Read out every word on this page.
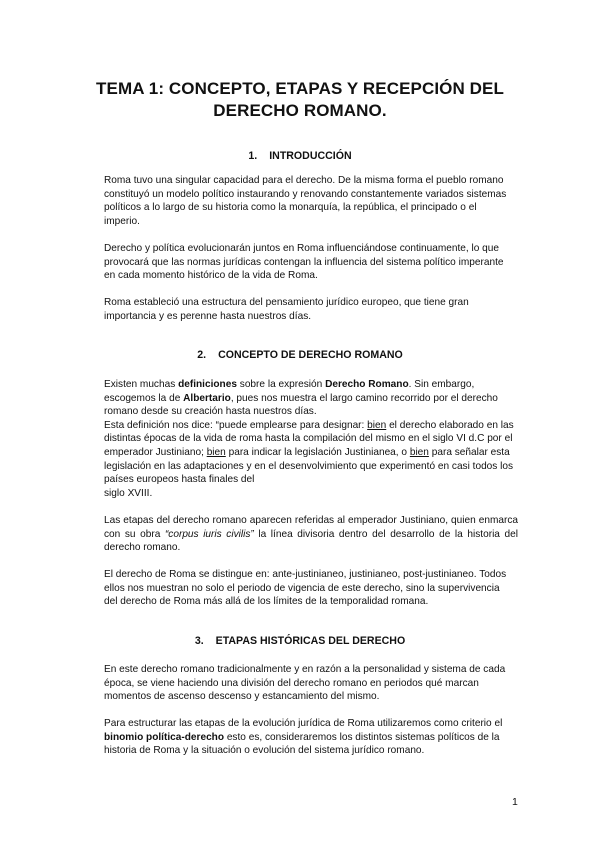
TEMA 1: CONCEPTO, ETAPAS Y RECEPCIÓN DEL
DERECHO ROMANO.
1. INTRODUCCIÓN
Roma tuvo una singular capacidad para el derecho. De la misma forma el pueblo romano
constituyó un modelo político instaurando y renovando constantemente variados sistemas
políticos a lo largo de su historia como la monarquía, la república, el principado o el
imperio.
Derecho y política evolucionarán juntos en Roma influenciándose continuamente, lo que
provocará que las normas jurídicas contengan la influencia del sistema político imperante
en cada momento histórico de la vida de Roma.
Roma estableció una estructura del pensamiento jurídico europeo, que tiene gran
importancia y es perenne hasta nuestros días.
2. CONCEPTO DE DERECHO ROMANO
Existen muchas definiciones sobre la expresión Derecho Romano. Sin embargo,
escogemos la de Albertario, pues nos muestra el largo camino recorrido por el derecho
romano desde su creación hasta nuestros días.
Esta definición nos dice: “puede emplearse para designar: bien el derecho elaborado en las
distintas épocas de la vida de roma hasta la compilación del mismo en el siglo VI d.C por el
emperador Justiniano; bien para indicar la legislación Justinianea, o bien para señalar esta
legislación en las adaptaciones y en el desenvolvimiento que experimentó en casi todos los
países europeos hasta finales del
siglo XVIII.
Las etapas del derecho romano aparecen referidas al emperador Justiniano, quien enmarca
con su obra “corpus iuris civilis” la línea divisoria dentro del desarrollo de la historia del
derecho romano.
El derecho de Roma se distingue en: ante-justinianeo, justinianeo, post-justinianeo. Todos
ellos nos muestran no solo el periodo de vigencia de este derecho, sino la supervivencia
del derecho de Roma más allá de los límites de la temporalidad romana.
3. ETAPAS HISTÓRICAS DEL DERECHO
En este derecho romano tradicionalmente y en razón a la personalidad y sistema de cada
época, se viene haciendo una división del derecho romano en periodos qué marcan
momentos de ascenso descenso y estancamiento del mismo.
Para estructurar las etapas de la evolución jurídica de Roma utilizaremos como criterio el
binomio política-derecho esto es, consideraremos los distintos sistemas políticos de la
historia de Roma y la situación o evolución del sistema jurídico romano.
1
